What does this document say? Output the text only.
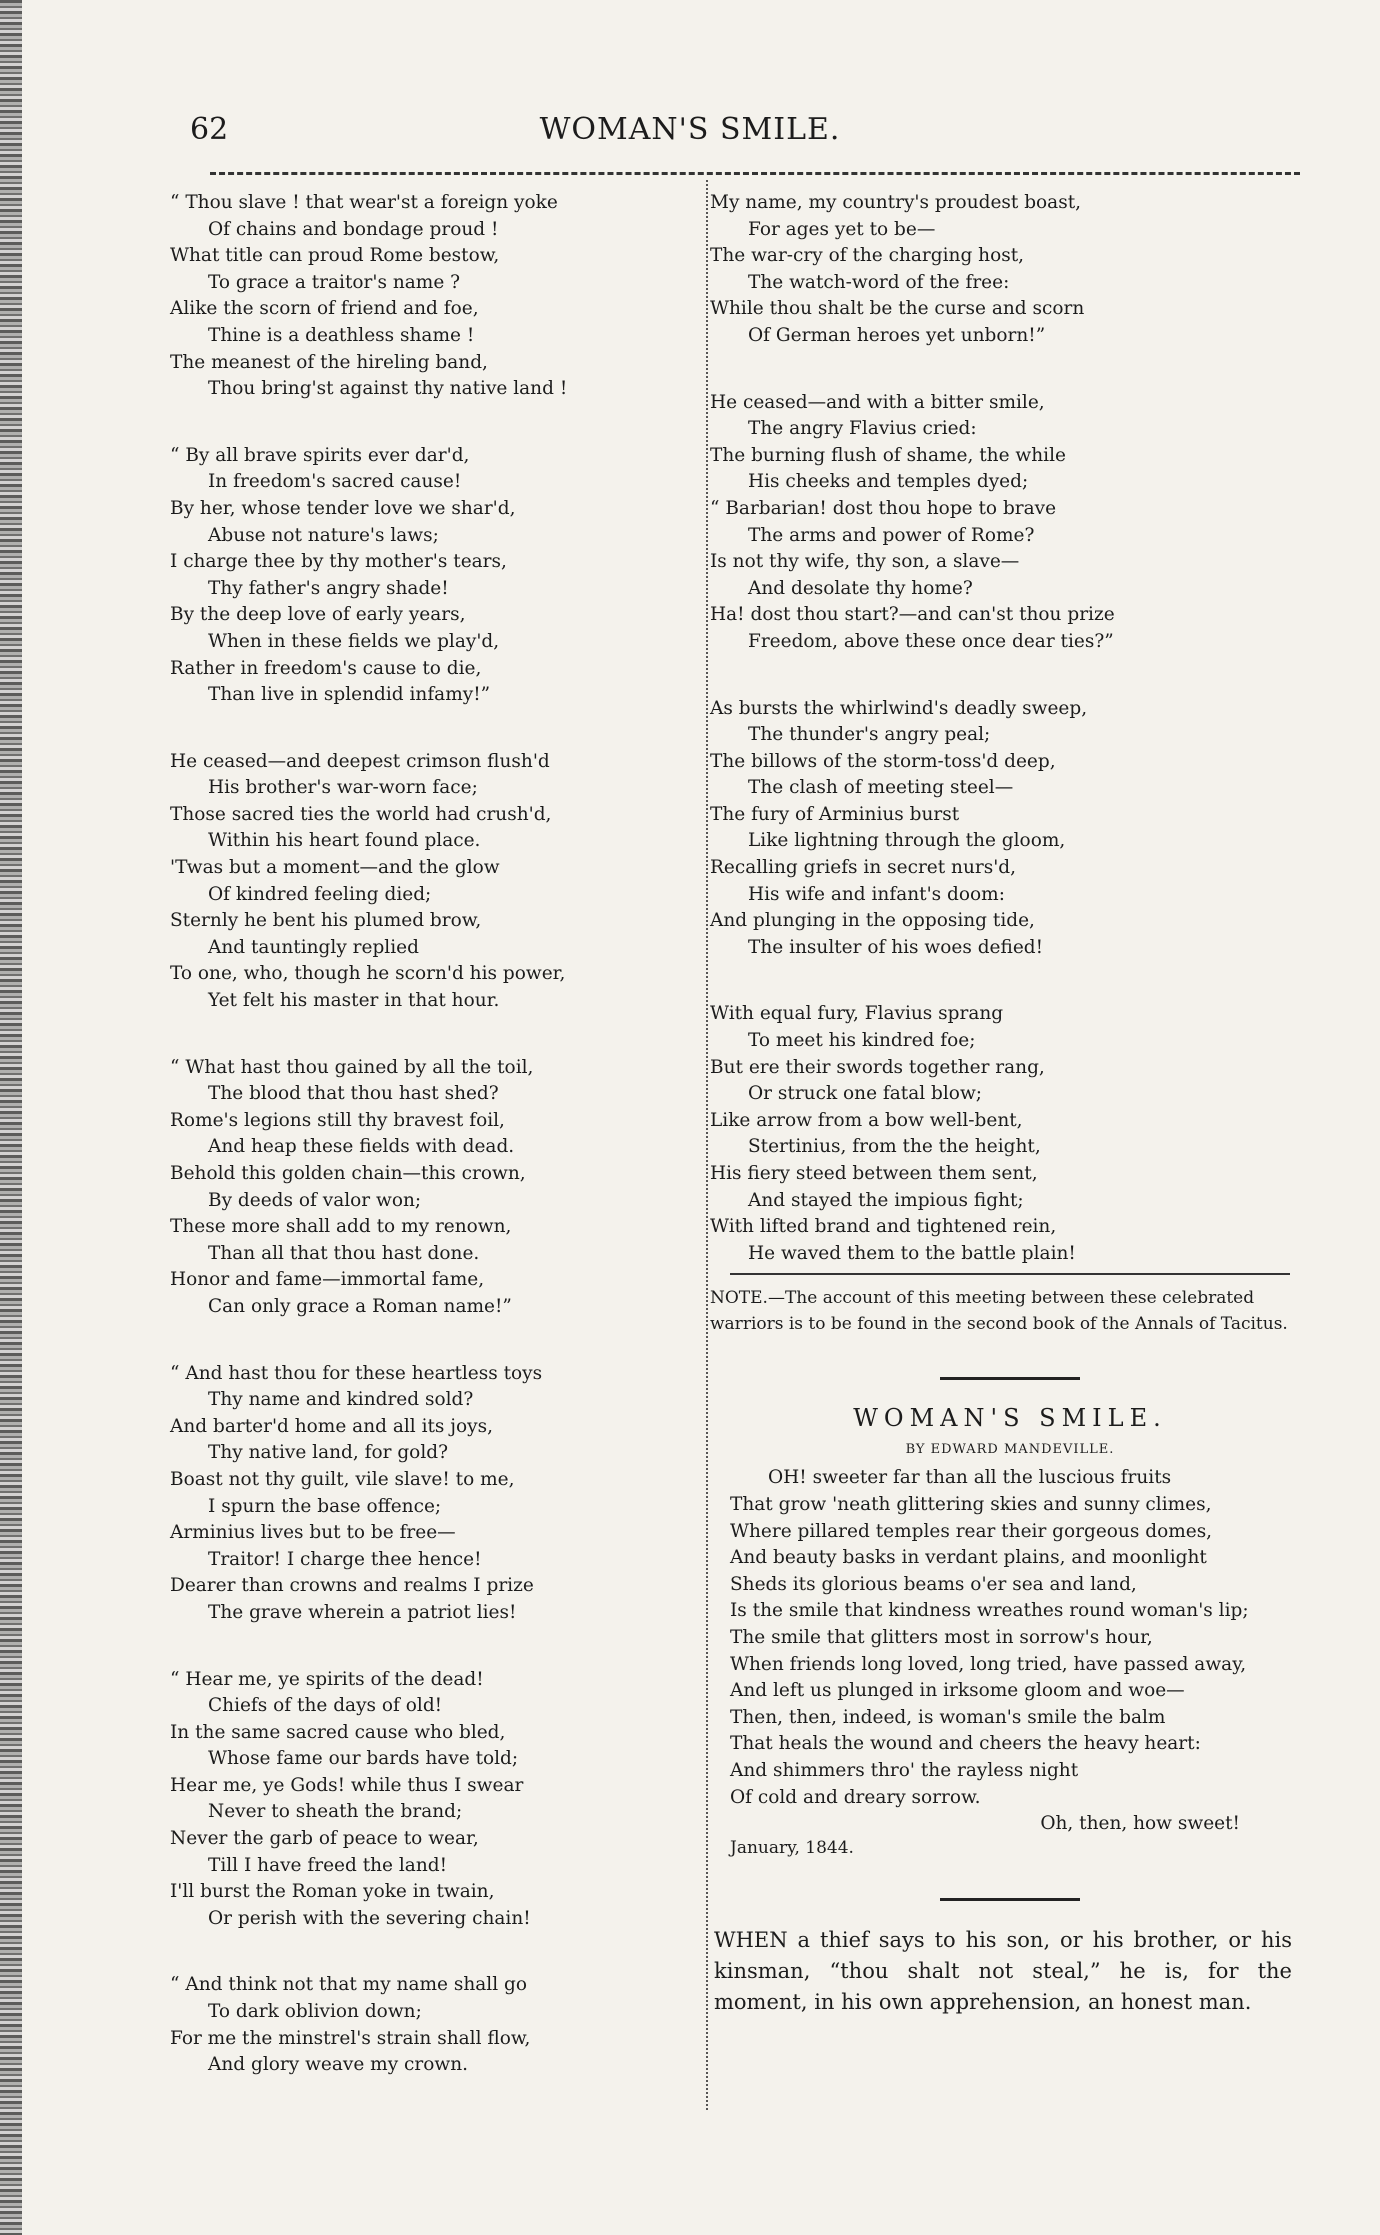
62	WOMAN'S SMILE.
“ Thou slave ! that wear'st a foreign yoke
Of chains and bondage proud !
What title can proud Rome bestow,
To grace a traitor's name ?
Alike the scorn of friend and foe,
Thine is a deathless shame !
The meanest of the hireling band,
Thou bring'st against thy native land !
“ By all brave spirits ever dar'd,
In freedom's sacred cause!
By her, whose tender love we shar'd,
Abuse not nature's laws;
I charge thee by thy mother's tears,
Thy father's angry shade!
By the deep love of early years,
When in these fields we play'd,
Rather in freedom's cause to die,
Than live in splendid infamy!”
He ceased—and deepest crimson flush'd
His brother's war-worn face;
Those sacred ties the world had crush'd,
Within his heart found place.
'Twas but a moment—and the glow
Of kindred feeling died;
Sternly he bent his plumed brow,
And tauntingly replied
To one, who, though he scorn'd his power,
Yet felt his master in that hour.
“ What hast thou gained by all the toil,
The blood that thou hast shed?
Rome's legions still thy bravest foil,
And heap these fields with dead.
Behold this golden chain—this crown,
By deeds of valor won;
These more shall add to my renown,
Than all that thou hast done.
Honor and fame—immortal fame,
Can only grace a Roman name!”
“ And hast thou for these heartless toys
Thy name and kindred sold?
And barter'd home and all its joys,
Thy native land, for gold?
Boast not thy guilt, vile slave! to me,
I spurn the base offence;
Arminius lives but to be free—
Traitor! I charge thee hence!
Dearer than crowns and realms I prize
The grave wherein a patriot lies!
“ Hear me, ye spirits of the dead!
Chiefs of the days of old!
In the same sacred cause who bled,
Whose fame our bards have told;
Hear me, ye Gods! while thus I swear
Never to sheath the brand;
Never the garb of peace to wear,
Till I have freed the land!
I'll burst the Roman yoke in twain,
Or perish with the severing chain!
“ And think not that my name shall go
To dark oblivion down;
For me the minstrel's strain shall flow,
And glory weave my crown.
My name, my country's proudest boast,
For ages yet to be—
The war-cry of the charging host,
The watch-word of the free:
While thou shalt be the curse and scorn
Of German heroes yet unborn!”
He ceased—and with a bitter smile,
The angry Flavius cried:
The burning flush of shame, the while
His cheeks and temples dyed;
“ Barbarian! dost thou hope to brave
The arms and power of Rome?
Is not thy wife, thy son, a slave—
And desolate thy home?
Ha! dost thou start?—and can'st thou prize
Freedom, above these once dear ties?”
As bursts the whirlwind's deadly sweep,
The thunder's angry peal;
The billows of the storm-toss'd deep,
The clash of meeting steel—
The fury of Arminius burst
Like lightning through the gloom,
Recalling griefs in secret nurs'd,
His wife and infant's doom:
And plunging in the opposing tide,
The insulter of his woes defied!
With equal fury, Flavius sprang
To meet his kindred foe;
But ere their swords together rang,
Or struck one fatal blow;
Like arrow from a bow well-bent,
Stertinius, from the the height,
His fiery steed between them sent,
And stayed the impious fight;
With lifted brand and tightened rein,
He waved them to the battle plain!

NOTE.—The account of this meeting between these celebrated warriors is to be found in the second book of the Annals of Tacitus.

WOMAN'S SMILE.
BY EDWARD MANDEVILLE.
OH! sweeter far than all the luscious fruits
That grow 'neath glittering skies and sunny climes,
Where pillared temples rear their gorgeous domes,
And beauty basks in verdant plains, and moonlight
Sheds its glorious beams o'er sea and land,
Is the smile that kindness wreathes round woman's lip;
The smile that glitters most in sorrow's hour,
When friends long loved, long tried, have passed away,
And left us plunged in irksome gloom and woe—
Then, then, indeed, is woman's smile the balm
That heals the wound and cheers the heavy heart:
And shimmers thro' the rayless night
Of cold and dreary sorrow.
Oh, then, how sweet!
January, 1844.

WHEN a thief says to his son, or his brother, or his kinsman, “thou shalt not steal,” he is, for the moment, in his own apprehension, an honest man.
